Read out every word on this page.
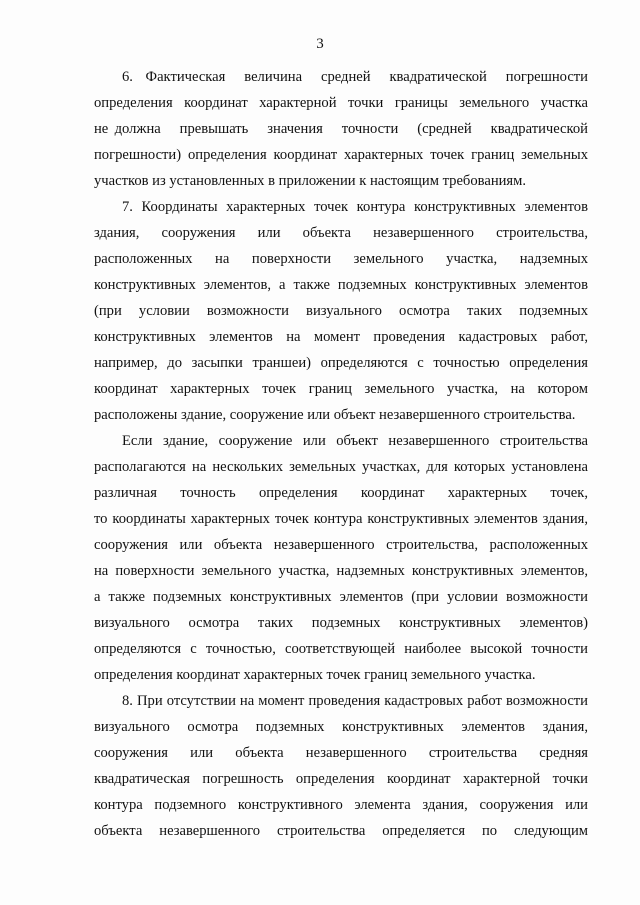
3
6.  Фактическая   величина   средней   квадратической   погрешности
определения координат характерной точки границы земельного участка
не должна   превышать   значения   точности   (средней   квадратической
погрешности) определения координат характерных точек границ земельных
участков из установленных в приложении к настоящим требованиям.
7. Координаты характерных точек контура конструктивных элементов
здания,   сооружения   или   объекта   незавершенного   строительства,
расположенных   на   поверхности   земельного   участка,   надземных
конструктивных элементов, а также подземных конструктивных элементов
(при  условии  возможности  визуального  осмотра  таких  подземных
конструктивных элементов на момент проведения кадастровых работ,
например, до засыпки траншеи) определяются с точностью определения
координат характерных точек границ земельного участка, на котором
расположены здание, сооружение или объект незавершенного строительства.
Если здание, сооружение или объект незавершенного строительства
располагаются на нескольких земельных участках, для которых установлена
различная   точность   определения   координат   характерных   точек,
то координаты характерных точек контура конструктивных элементов здания,
сооружения или объекта незавершенного строительства, расположенных
на поверхности земельного участка, надземных конструктивных элементов,
а также подземных конструктивных элементов (при условии возможности
визуального  осмотра  таких  подземных  конструктивных  элементов)
определяются с точностью, соответствующей наиболее высокой точности
определения координат характерных точек границ земельного участка.
8. При отсутствии на момент проведения кадастровых работ возможности
визуального  осмотра  подземных  конструктивных  элементов  здания,
сооружения  или  объекта  незавершенного  строительства  средняя
квадратическая погрешность определения координат характерной точки
контура подземного конструктивного элемента здания, сооружения или
объекта  незавершенного  строительства  определяется  по  следующим
